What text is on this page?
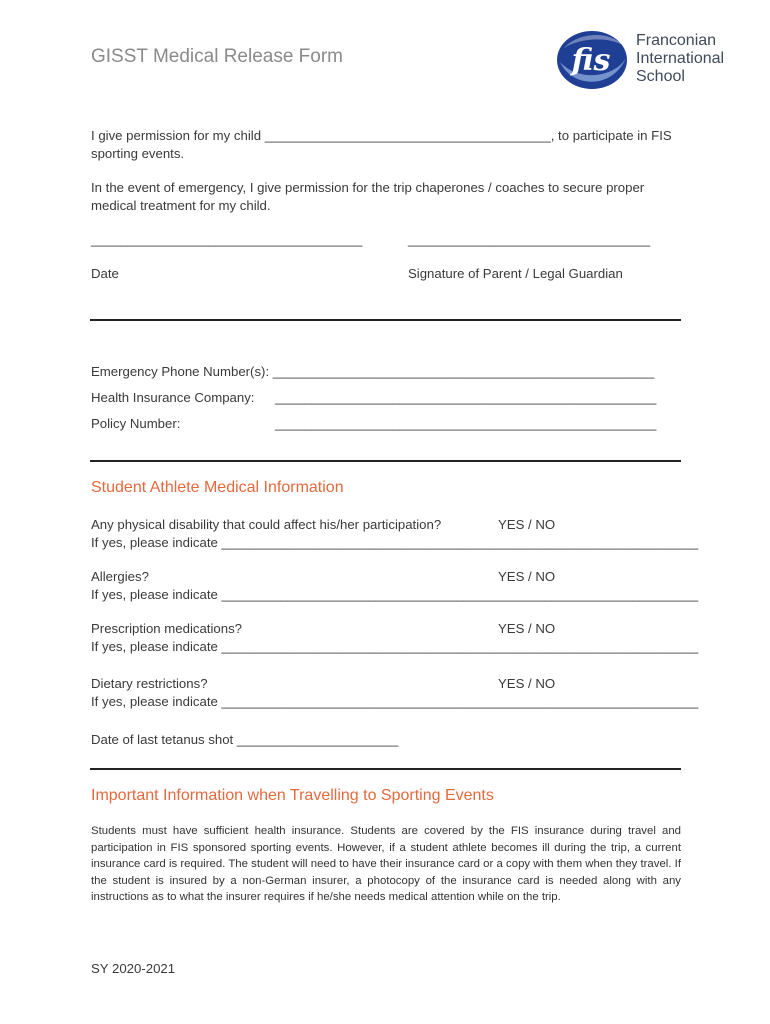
GISST Medical Release Form	fis
Franconian
International
School
I give permission for my child _______________________________________, to participate in FIS
sporting events.
In the event of emergency, I give permission for the trip chaperones / coaches to secure proper
medical treatment for my child.
_____________________________________	_________________________________
Date	Signature of Parent / Legal Guardian
Emergency Phone Number(s): ____________________________________________________
Health Insurance Company: ____________________________________________________
Policy Number:	____________________________________________________
Student Athlete Medical Information
Any physical disability that could affect his/her participation?	YES / NO
If yes, please indicate _________________________________________________________________
Allergies?	YES / NO
If yes, please indicate _________________________________________________________________
Prescription medications?	YES / NO
If yes, please indicate _________________________________________________________________
Dietary restrictions?	YES / NO
If yes, please indicate _________________________________________________________________
Date of last tetanus shot ______________________
Important Information when Travelling to Sporting Events
Students must have sufficient health insurance. Students are covered by the FIS insurance during travel and participation in FIS sponsored sporting events. However, if a student athlete becomes ill during the trip, a current insurance card is required. The student will need to have their insurance card or a copy with them when they travel. If the student is insured by a non-German insurer, a photocopy of the insurance card is needed along with any instructions as to what the insurer requires if he/she needs medical attention while on the trip.
SY 2020-2021
